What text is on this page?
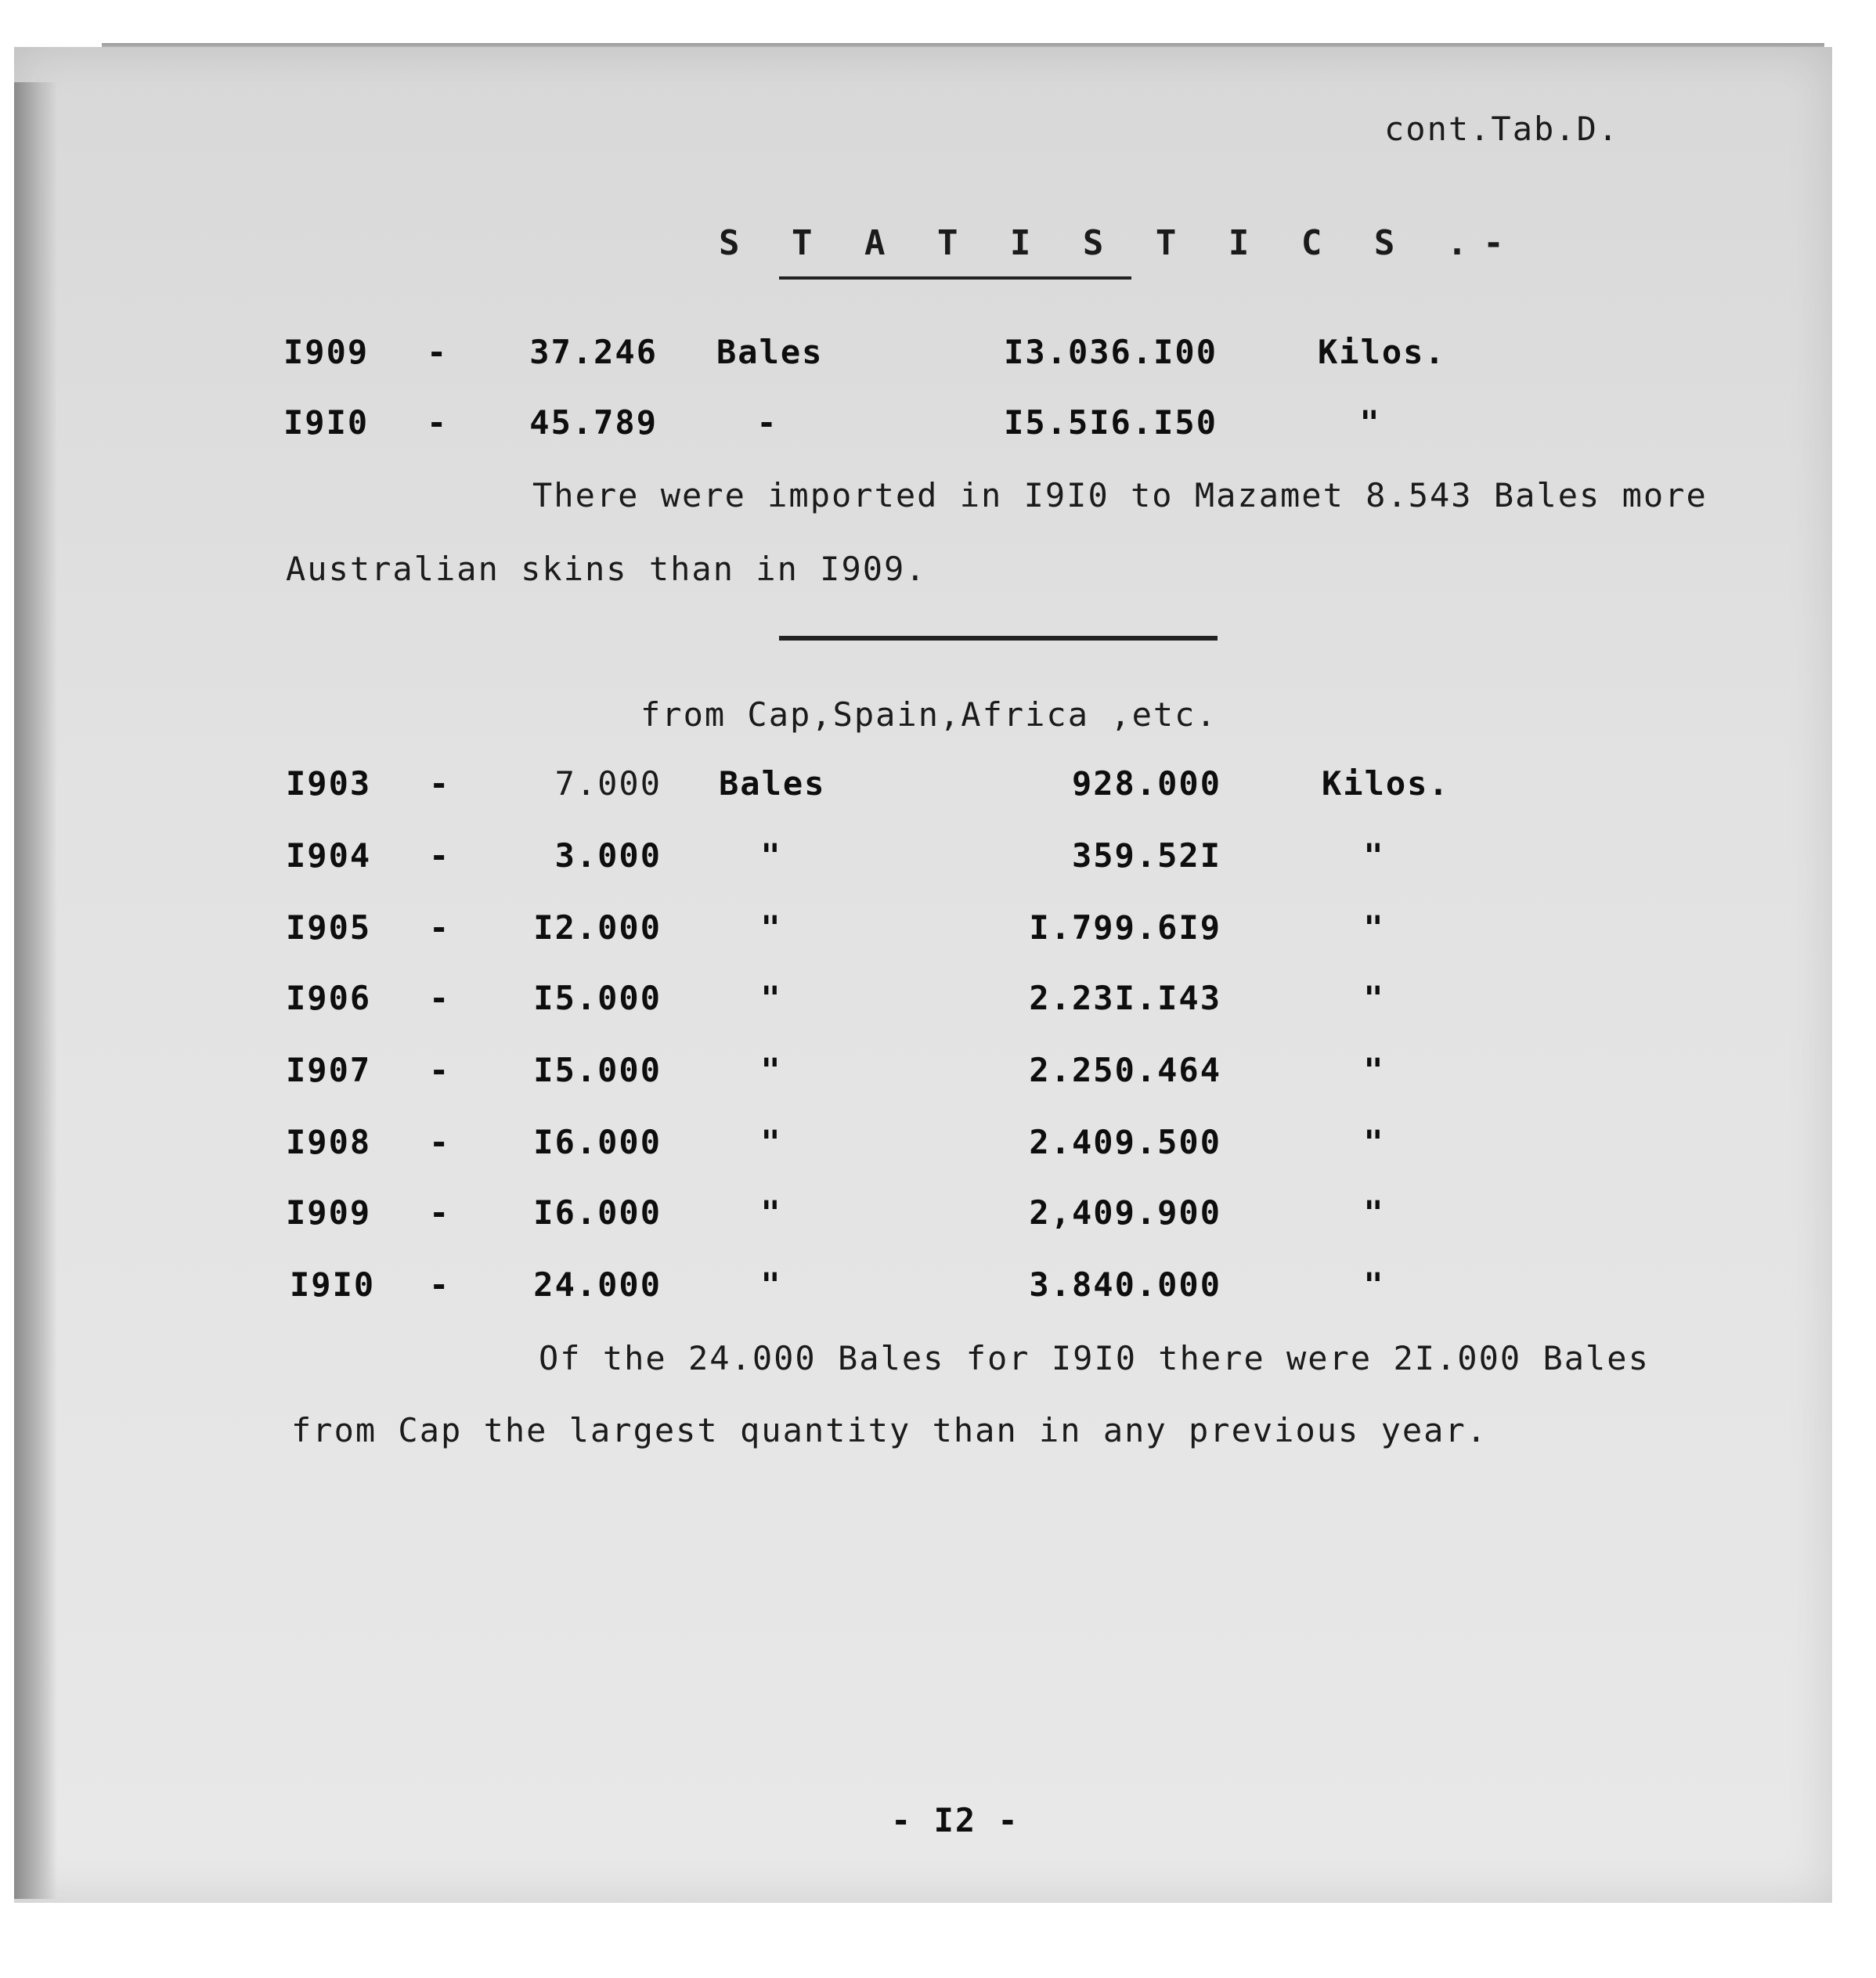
cont.Tab.D.
S T A T I S T I C S .-
I909 -	37.246 Bales	I3.036.I00	Kilos.
I9I0 -	45.789	-	I5.5I6.I50	"
There were imported in I9I0 to Mazamet 8.543 Bales more
Australian skins than in I909.
from Cap,Spain,Africa ,etc.
I903 -	7.000 Bales	928.000	Kilos.
I904 -	3.000	"	359.52I	"
I905 -	I2.000	"	I.799.6I9	"
I906 -	I5.000	"	2.23I.I43	"
I907 -	I5.000	"	2.250.464	"
I908 -	I6.000	"	2.409.500	"
I909 -	I6.000	"	2,409.900	"
I9I0 -	24.000	"	3.840.000	"
Of the 24.000 Bales for I9I0 there were 2I.000 Bales
from Cap the largest quantity than in any previous year.
- I2 -
